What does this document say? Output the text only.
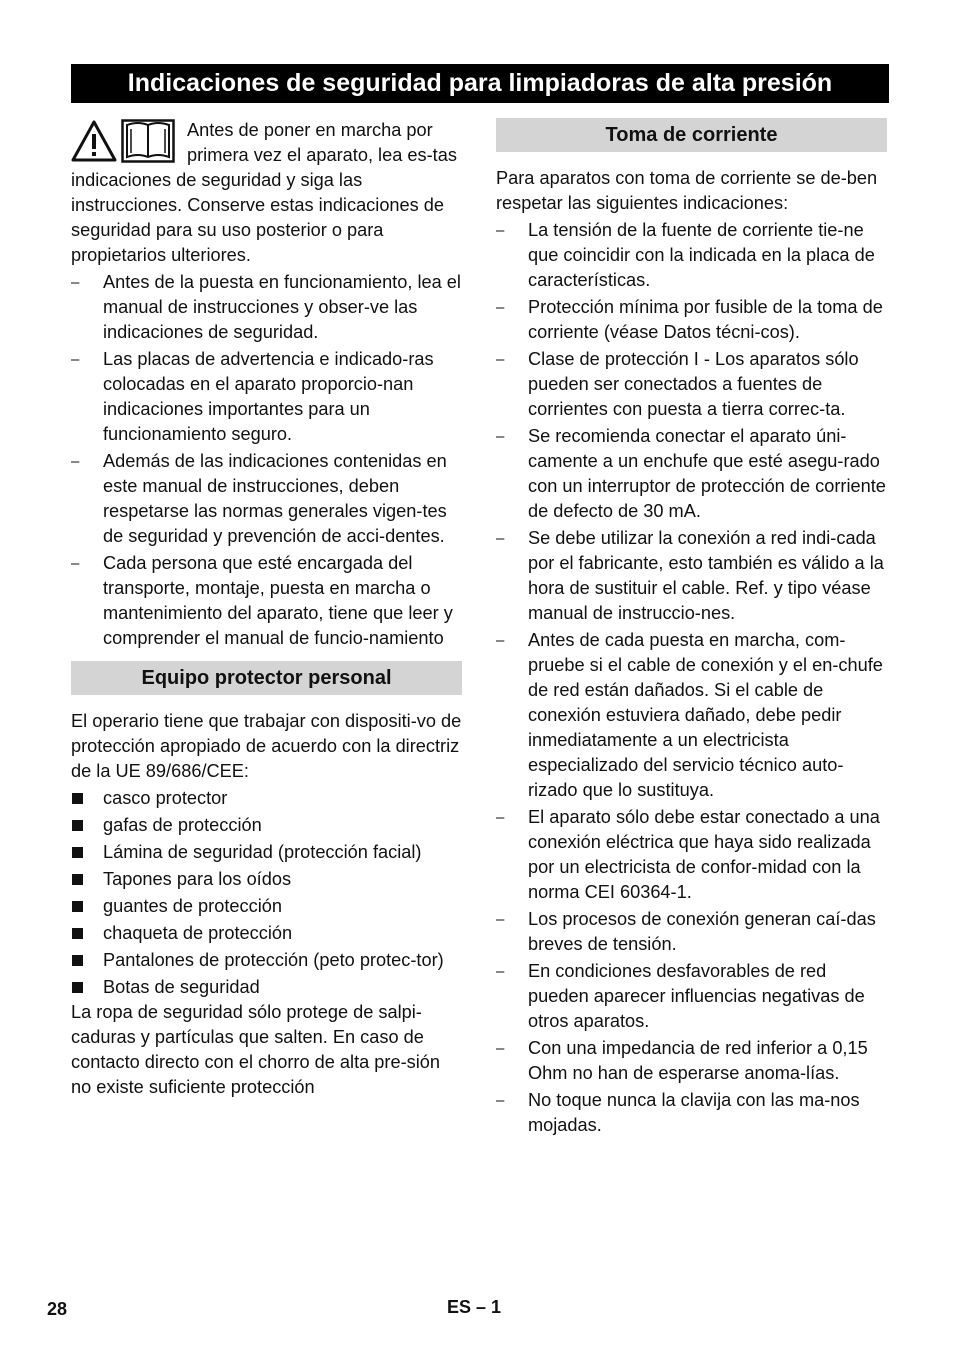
Indicaciones de seguridad para limpiadoras de alta presión

Antes de poner en marcha por primera vez el aparato, lea es-tas indicaciones de seguridad y siga las instrucciones. Conserve estas indicaciones de seguridad para su uso posterior o para propietarios ulteriores.

– Antes de la puesta en funcionamiento, lea el manual de instrucciones y obser-ve las indicaciones de seguridad.
– Las placas de advertencia e indicado-ras colocadas en el aparato proporcio-nan indicaciones importantes para un funcionamiento seguro.
– Además de las indicaciones contenidas en este manual de instrucciones, deben respetarse las normas generales vigen-tes de seguridad y prevención de acci-dentes.
– Cada persona que esté encargada del transporte, montaje, puesta en marcha o mantenimiento del aparato, tiene que leer y comprender el manual de funcio-namiento
Equipo protector personal

El operario tiene que trabajar con dispositi-vo de protección apropiado de acuerdo con la directriz de la UE 89/686/CEE:

casco protector
gafas de protección
Lámina de seguridad (protección facial)
Tapones para los oídos
guantes de protección
chaqueta de protección
Pantalones de protección (peto protec-tor)
Botas de seguridad

La ropa de seguridad sólo protege de salpi-caduras y partículas que salten. En caso de contacto directo con el chorro de alta pre-sión no existe suficiente protección

Toma de corriente

Para aparatos con toma de corriente se de-ben respetar las siguientes indicaciones:

– La tensión de la fuente de corriente tie-ne que coincidir con la indicada en la placa de características.
– Protección mínima por fusible de la toma de corriente (véase Datos técni-cos).
– Clase de protección I - Los aparatos sólo pueden ser conectados a fuentes de corrientes con puesta a tierra correc-ta.
– Se recomienda conectar el aparato úni-camente a un enchufe que esté asegu-rado con un interruptor de protección de corriente de defecto de 30 mA.
– Se debe utilizar la conexión a red indi-cada por el fabricante, esto también es válido a la hora de sustituir el cable. Ref. y tipo véase manual de instruccio-nes.
– Antes de cada puesta en marcha, com-pruebe si el cable de conexión y el en-chufe de red están dañados. Si el cable de conexión estuviera dañado, debe pedir inmediatamente a un electricista especializado del servicio técnico auto-rizado que lo sustituya.
– El aparato sólo debe estar conectado a una conexión eléctrica que haya sido realizada por un electricista de confor-midad con la norma CEI 60364-1.
– Los procesos de conexión generan caí-das breves de tensión.
– En condiciones desfavorables de red pueden aparecer influencias negativas de otros aparatos.
– Con una impedancia de red inferior a 0,15 Ohm no han de esperarse anoma-lías.
– No toque nunca la clavija con las ma-nos mojadas.
28	ES – 1
